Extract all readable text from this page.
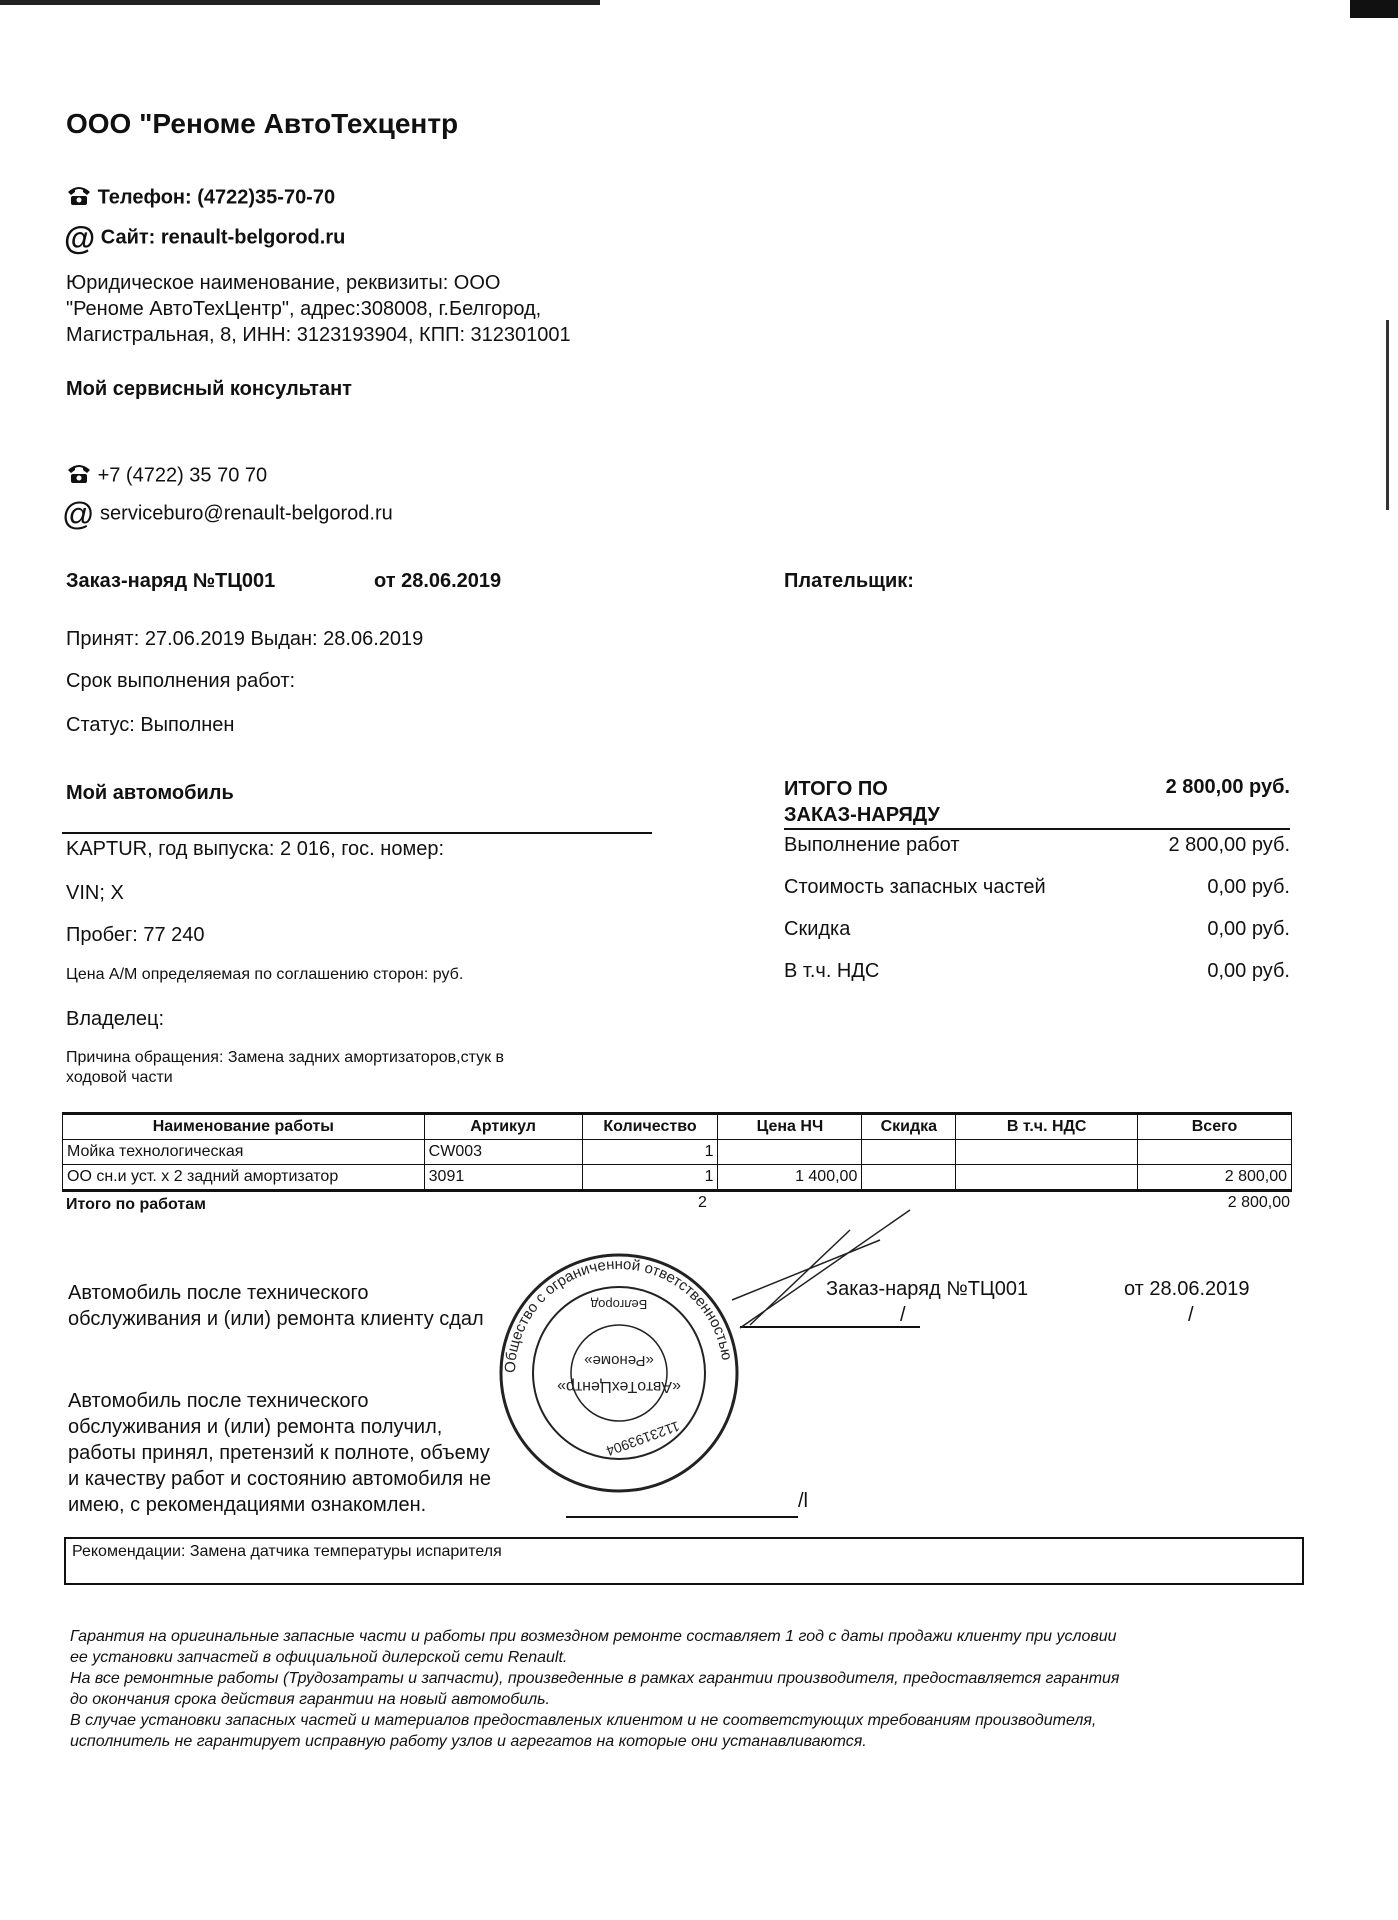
ООО "Реноме АвтоТехцентр
Телефон: (4722)35-70-70
@ Сайт: renault-belgorod.ru
Юридическое наименование, реквизиты: ООО
"Реноме АвтоТехЦентр", адрес:308008, г.Белгород,
Магистральная, 8, ИНН: 3123193904, КПП: 312301001
Мой сервисный консультант
+7 (4722) 35 70 70
@ serviceburo@renault-belgorod.ru
Заказ-наряд №ТЦ001	от 28.06.2019	Плательщик:
Принят: 27.06.2019 Выдан: 28.06.2019
Срок выполнения работ:
Статус: Выполнен
Мой автомобиль
KAPTUR, год выпуска: 2 016, гос. номер:
VIN; X
Пробег: 77 240
Цена А/М определяемая по соглашению сторон: руб.
Владелец:
Причина обращения: Замена задних амортизаторов,стук в
ходовой части
ИТОГО ПО
ЗАКАЗ-НАРЯДУ
2 800,00 руб.
Выполнение работ	2 800,00 руб.
Стоимость запасных частей	0,00 руб.
Скидка	0,00 руб.
В т.ч. НДС	0,00 руб.
Наименование работы	Артикул	Количество	Цена НЧ	Скидка	В т.ч. НДС	Всего
Мойка технологическая	CW003	1				
ОО сн.и уст. х 2 задний амортизатор	3091	1	1 400,00			2 800,00
Итого по работам	2	2 800,00
Автомобиль после технического
обслуживания и (или) ремонта клиенту сдал
Заказ-наряд №ТЦ001	от 28.06.2019
/	/
Автомобиль после технического
обслуживания и (или) ремонта получил,
работы принял, претензий к полноте, объему
и качеству работ и состоянию автомобиля не
имею, с рекомендациями ознакомлен.	/l
Общество с ограниченной ответственностью
«АвтоТехЦентр»
«Реноме»
1123193904
Белгород
Рекомендации: Замена датчика температуры испарителя

Гарантия на оригинальные запасные части и работы при возмездном ремонте составляет 1 год с даты продажи клиенту при условии

ее установки запчастей в официальной дилерской сети Renault.

На все ремонтные работы (Трудозатраты и запчасти), произведенные в рамках гарантии производителя, предоставляется гарантия

до окончания срока действия гарантии на новый автомобиль.

В случае установки запасных частей и материалов предоставленых клиентом и не соответстующих требованиям производителя,

исполнитель не гарантирует исправную работу узлов и агрегатов на которые они устанавливаются.
